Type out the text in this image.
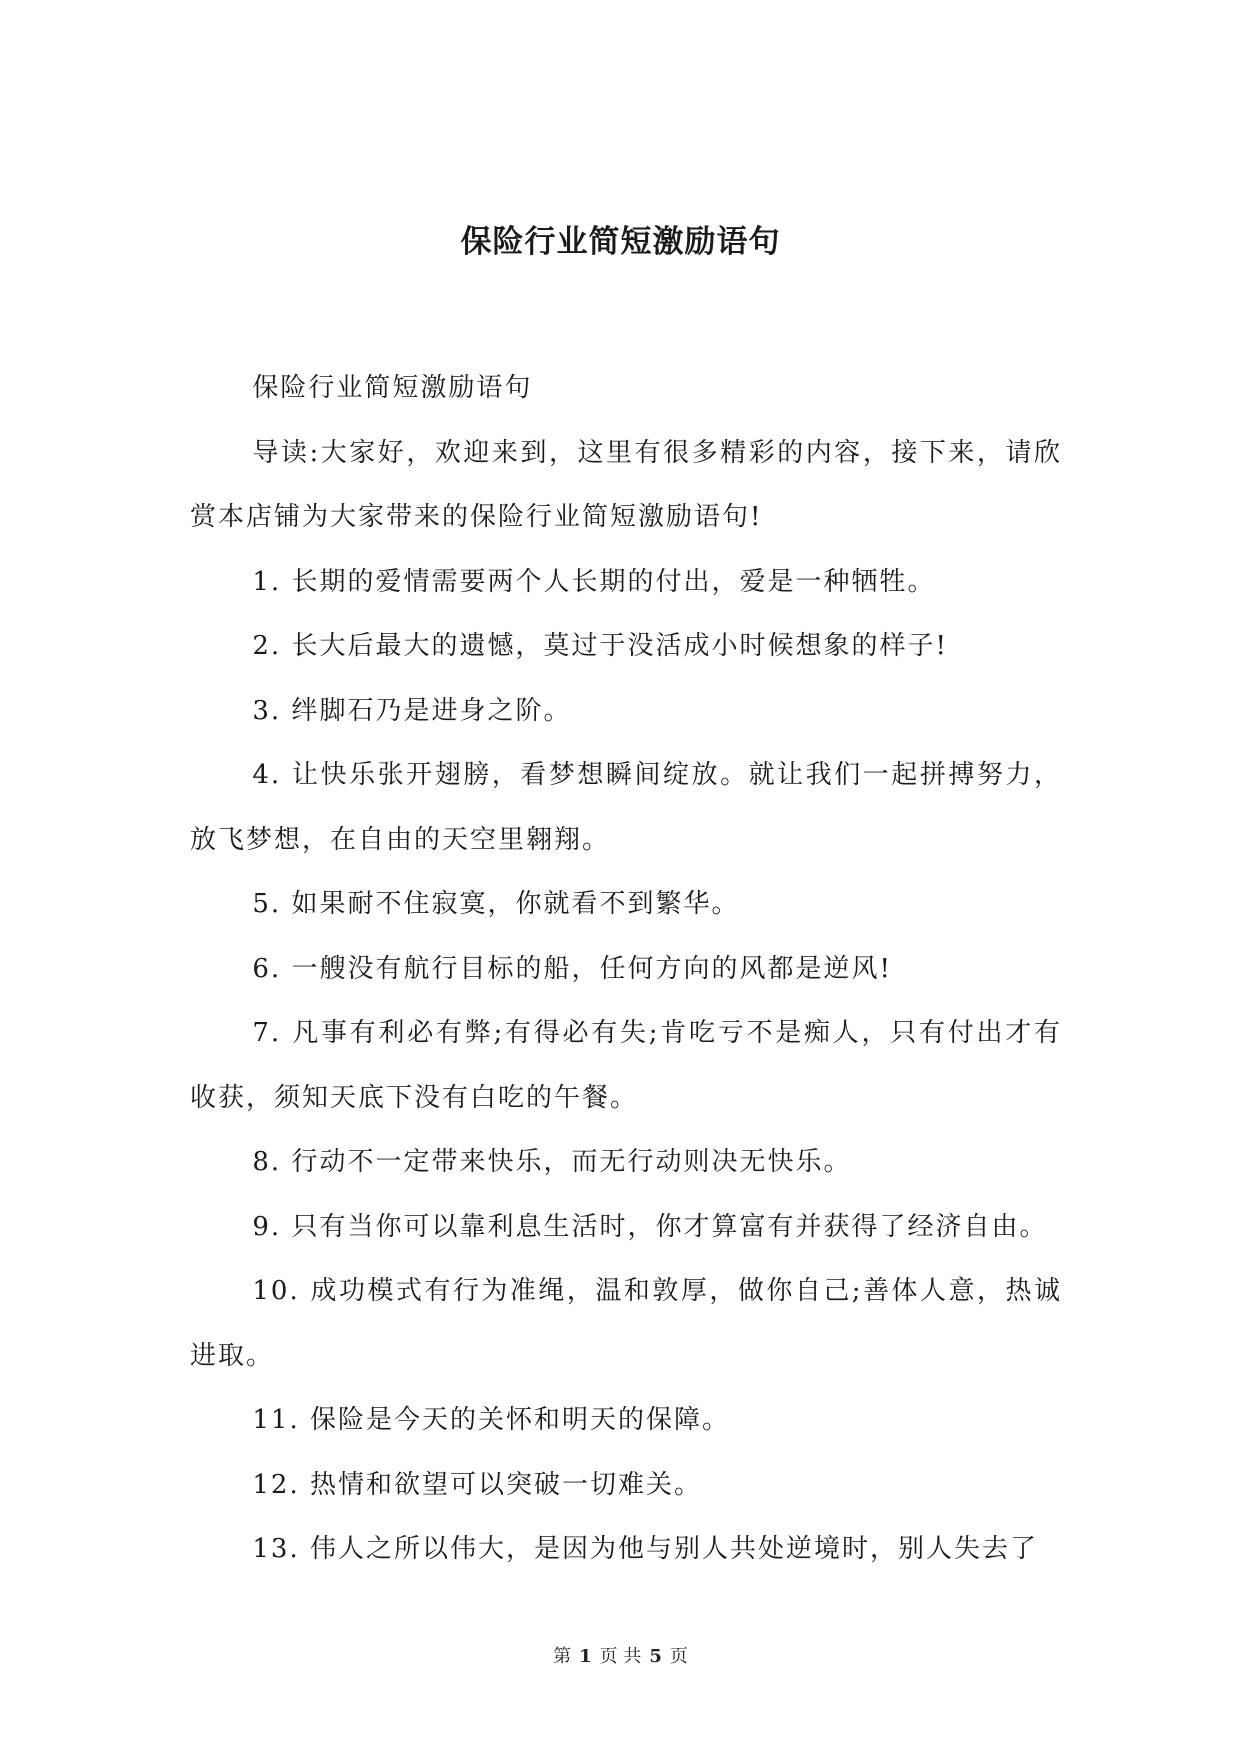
保险行业简短激励语句

保险行业简短激励语句

导读:大家好，欢迎来到，这里有很多精彩的内容，接下来，请欣赏本店铺为大家带来的保险行业简短激励语句!

1. 长期的爱情需要两个人长期的付出，爱是一种牺牲。

2. 长大后最大的遗憾，莫过于没活成小时候想象的样子!

3. 绊脚石乃是进身之阶。

4. 让快乐张开翅膀，看梦想瞬间绽放。就让我们一起拼搏努力，放飞梦想，在自由的天空里翱翔。

5. 如果耐不住寂寞，你就看不到繁华。

6. 一艘没有航行目标的船，任何方向的风都是逆风!

7. 凡事有利必有弊;有得必有失;肯吃亏不是痴人，只有付出才有收获，须知天底下没有白吃的午餐。

8. 行动不一定带来快乐，而无行动则决无快乐。

9. 只有当你可以靠利息生活时，你才算富有并获得了经济自由。

10. 成功模式有行为准绳，温和敦厚，做你自己;善体人意，热诚进取。

11. 保险是今天的关怀和明天的保障。

12. 热情和欲望可以突破一切难关。

13. 伟人之所以伟大，是因为他与别人共处逆境时，别人失去了

第 1 页 共 5 页
